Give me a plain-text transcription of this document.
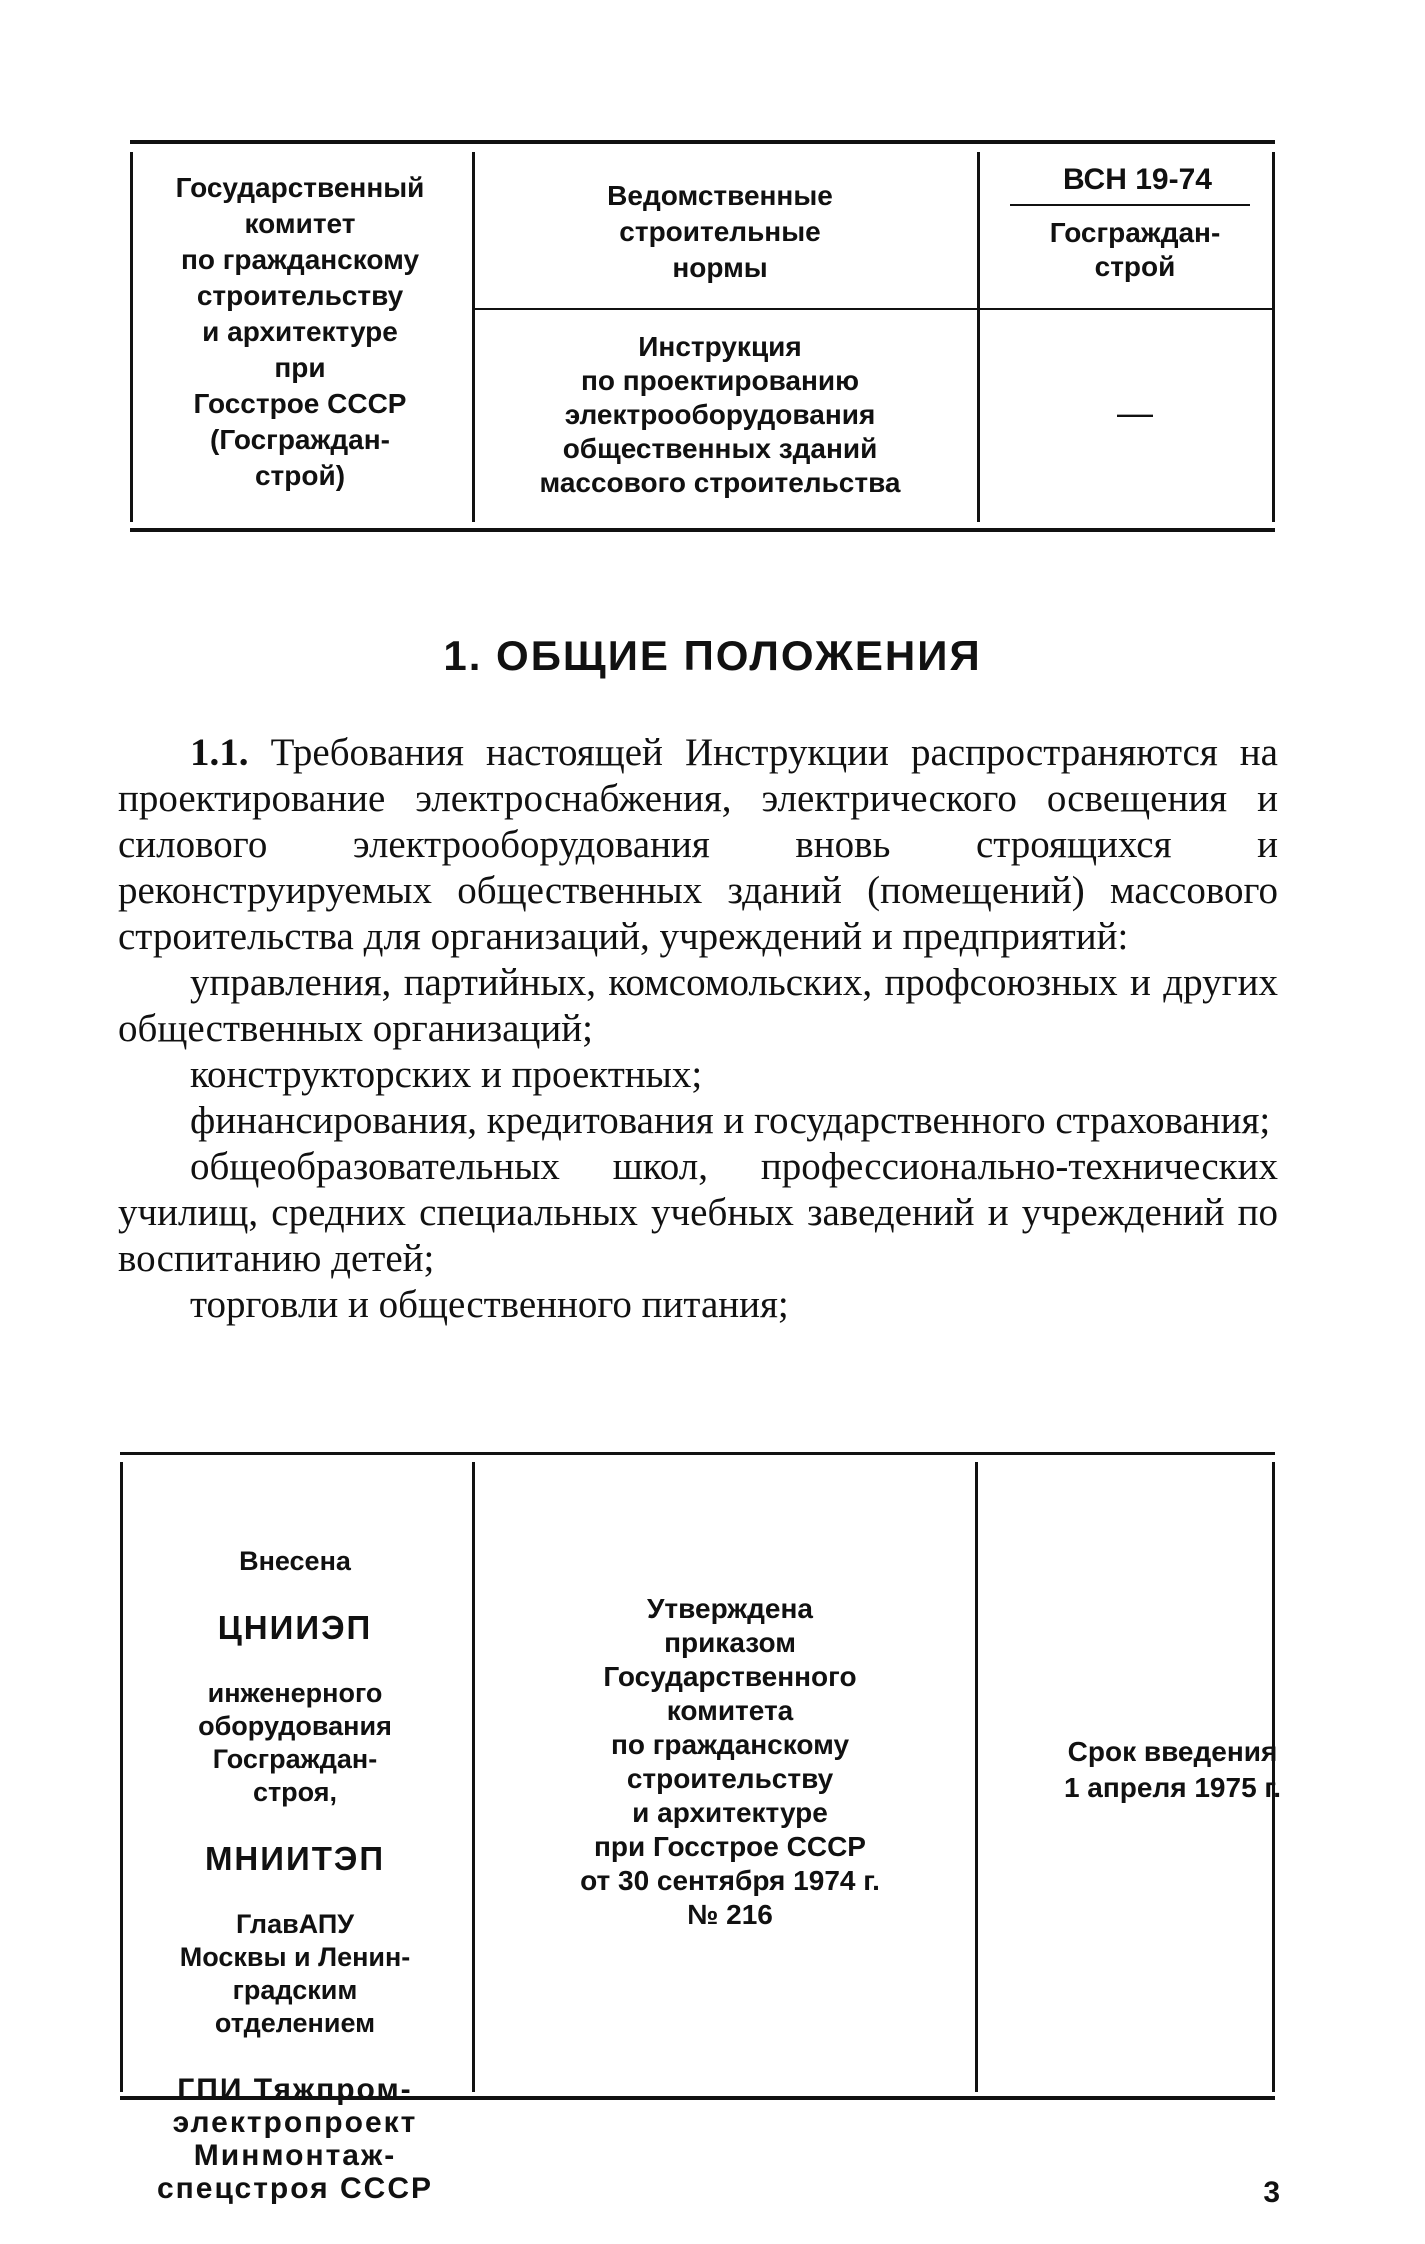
Государственный
комитет
по гражданскому
строительству
и архитектуре
при
Госстрое СССР
(Госграждан-
строй)
Ведомственные
строительные
нормы
ВСН 19-74
Госграждан-
строй
Инструкция
по проектированию
электрооборудования
общественных зданий
массового строительства
—
1. ОБЩИЕ ПОЛОЖЕНИЯ

1.1. Требования настоящей Инструкции распространяются на проектирование электроснабжения, электрического освещения и силового электрооборудования вновь строящихся и реконструируемых общественных зданий (помещений) массового строительства для организаций, учреждений и предприятий:

управления, партийных, комсомольских, профсоюзных и других общественных организаций;

конструкторских и проектных;

финансирования, кредитования и государственного страхования;

общеобразовательных школ, профессионально-технических училищ, средних специальных учебных заведений и учреждений по воспитанию детей;

торговли и общественного питания;

Внесена

ЦНИИЭП

инженерного
оборудования
Госграждан-
строя,

МНИИТЭП

ГлавАПУ
Москвы и Ленин-
градским
отделением

ГПИ Тяжпром-
электропроект
Минмонтаж-
спецстроя СССР

Утверждена
приказом
Государственного
комитета
по гражданскому
строительству
и архитектуре
при Госстрое СССР
от 30 сентября 1974 г.
№ 216
Срок введения
1 апреля 1975 г.
3
